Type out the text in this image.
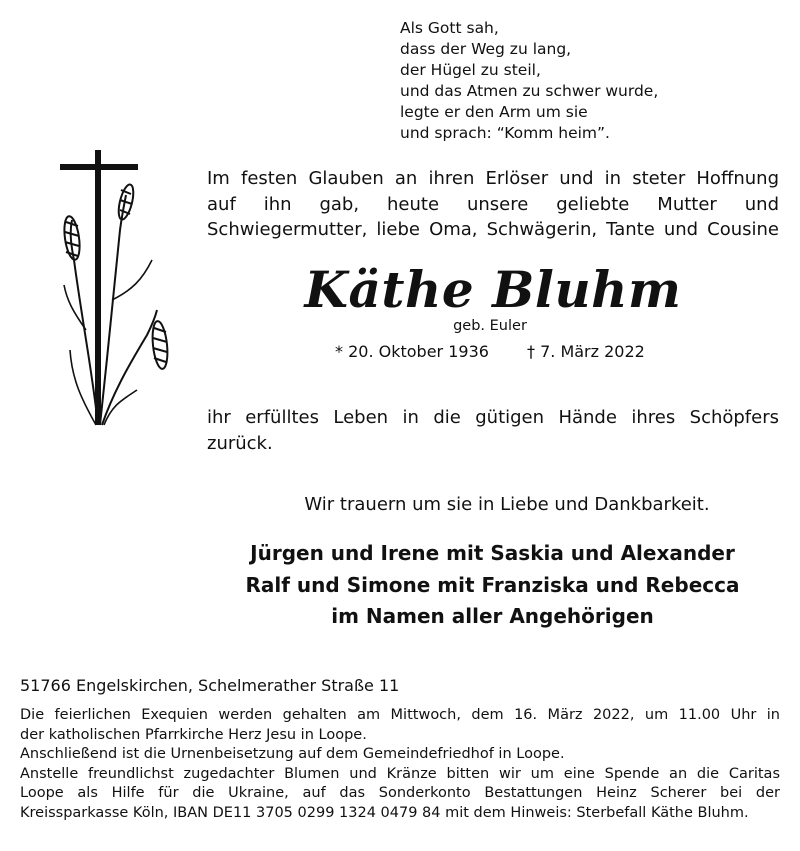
Als Gott sah,
dass der Weg zu lang,
der Hügel zu steil,
und das Atmen zu schwer wurde,
legte er den Arm um sie
und sprach: “Komm heim”.
Im festen Glauben an ihren Erlöser und in steter Hoffnung
auf ihn gab, heute unsere geliebte Mutter und
Schwiegermutter, liebe Oma, Schwägerin, Tante und Cousine
Käthe Bluhm
geb. Euler
* 20. Oktober 1936 † 7. März 2022
ihr erfülltes Leben in die gütigen Hände ihres Schöpfers
zurück.
Wir trauern um sie in Liebe und Dankbarkeit.
Jürgen und Irene mit Saskia und Alexander
Ralf und Simone mit Franziska und Rebecca
im Namen aller Angehörigen
51766 Engelskirchen, Schelmerather Straße 11

Die feierlichen Exequien werden gehalten am Mittwoch, dem 16. März 2022, um 11.00 Uhr in

der katholischen Pfarrkirche Herz Jesu in Loope.

Anschließend ist die Urnenbeisetzung auf dem Gemeindefriedhof in Loope.

Anstelle freundlichst zugedachter Blumen und Kränze bitten wir um eine Spende an die Caritas

Loope als Hilfe für die Ukraine, auf das Sonderkonto Bestattungen Heinz Scherer bei der

Kreissparkasse Köln, IBAN DE11 3705 0299 1324 0479 84 mit dem Hinweis: Sterbefall Käthe Bluhm.
